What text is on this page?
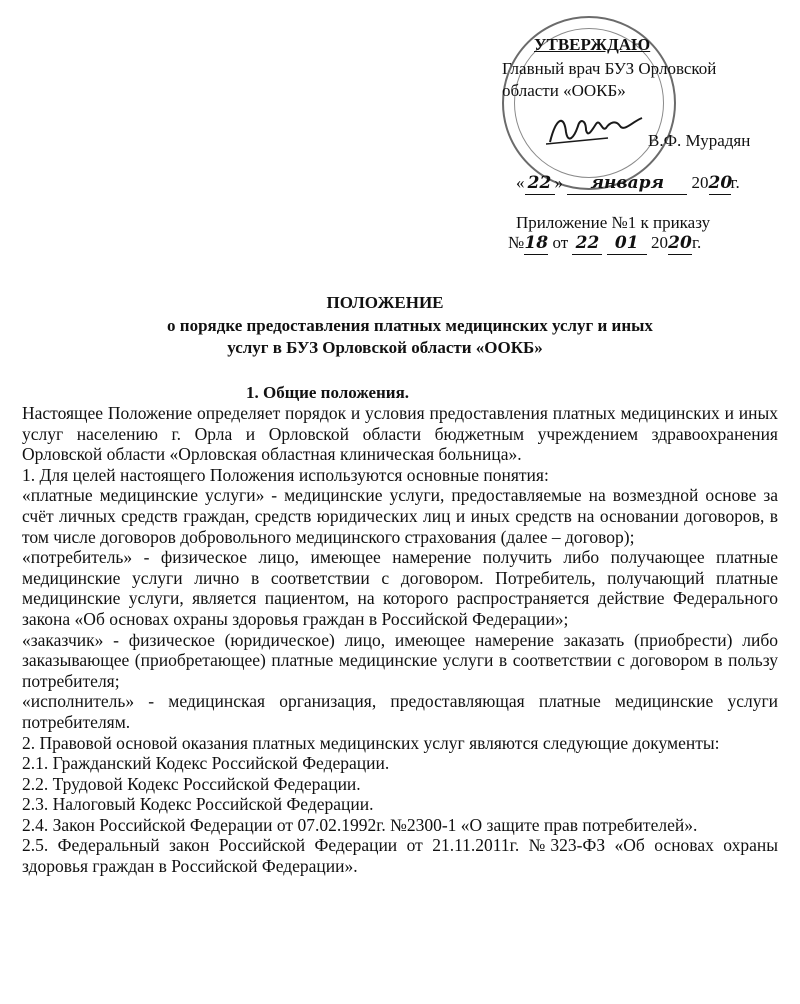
УТВЕРЖДАЮ
Главный врач БУЗ Орловской
области «ООКБ»
В.Ф. Мурадян
« 22 » января 2020г.
Приложение №1 к приказу
№18 от 22 01 2020г.
ПОЛОЖЕНИЕ
о порядке предоставления платных медицинских услуг и иных
услуг в БУЗ Орловской области «ООКБ»
1. Общие положения.

Настоящее Положение определяет порядок и условия предоставления платных медицинских и иных услуг населению г. Орла и Орловской области бюджетным учреждением здравоохранения Орловской области «Орловская областная клиническая больница».

1. Для целей настоящего Положения используются основные понятия:

«платные медицинские услуги» - медицинские услуги, предоставляемые на возмездной основе за счёт личных средств граждан, средств юридических лиц и иных средств на основании договоров, в том числе договоров добровольного медицинского страхования (далее – договор);

«потребитель» - физическое лицо, имеющее намерение получить либо получающее платные медицинские услуги лично в соответствии с договором. Потребитель, получающий платные медицинские услуги, является пациентом, на которого распространяется действие Федерального закона «Об основах охраны здоровья граждан в Российской Федерации»;

«заказчик» - физическое (юридическое) лицо, имеющее намерение заказать (приобрести) либо заказывающее (приобретающее) платные медицинские услуги в соответствии с договором в пользу потребителя;

«исполнитель» - медицинская организация, предоставляющая платные медицинские услуги потребителям.

2. Правовой основой оказания платных медицинских услуг являются следующие документы:

2.1. Гражданский Кодекс Российской Федерации.

2.2. Трудовой Кодекс Российской Федерации.

2.3. Налоговый Кодекс Российской Федерации.

2.4. Закон Российской Федерации от 07.02.1992г. №2300-1 «О защите прав потребителей».

2.5. Федеральный закон Российской Федерации от 21.11.2011г. №323-ФЗ «Об основах охраны здоровья граждан в Российской Федерации».
